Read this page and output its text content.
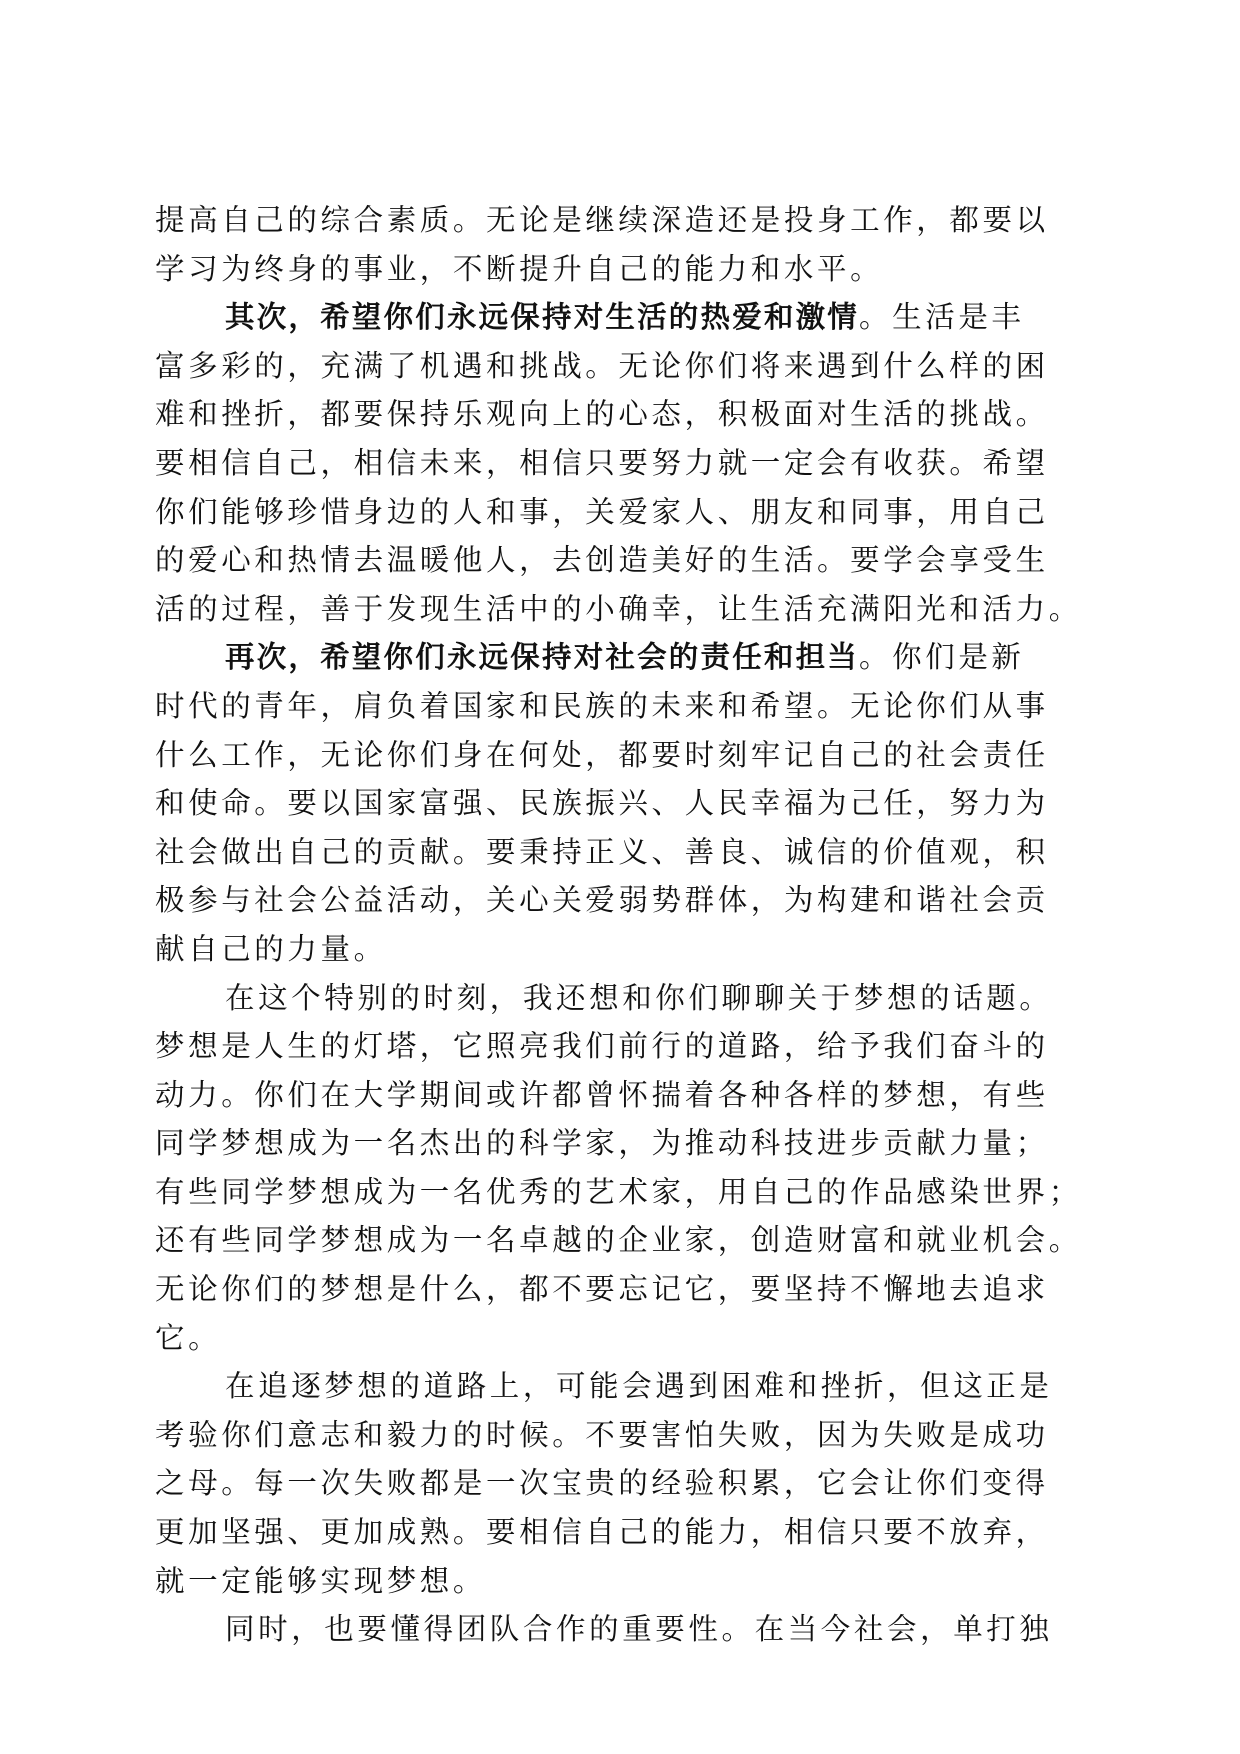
提高自己的综合素质。无论是继续深造还是投身工作，都要以
学习为终身的事业，不断提升自己的能力和水平。
其次，希望你们永远保持对生活的热爱和激情。生活是丰
富多彩的，充满了机遇和挑战。无论你们将来遇到什么样的困
难和挫折，都要保持乐观向上的心态，积极面对生活的挑战。
要相信自己，相信未来，相信只要努力就一定会有收获。希望
你们能够珍惜身边的人和事，关爱家人、朋友和同事，用自己
的爱心和热情去温暖他人，去创造美好的生活。要学会享受生
活的过程，善于发现生活中的小确幸，让生活充满阳光和活力。
再次，希望你们永远保持对社会的责任和担当。你们是新
时代的青年，肩负着国家和民族的未来和希望。无论你们从事
什么工作，无论你们身在何处，都要时刻牢记自己的社会责任
和使命。要以国家富强、民族振兴、人民幸福为己任，努力为
社会做出自己的贡献。要秉持正义、善良、诚信的价值观，积
极参与社会公益活动，关心关爱弱势群体，为构建和谐社会贡
献自己的力量。
在这个特别的时刻，我还想和你们聊聊关于梦想的话题。
梦想是人生的灯塔，它照亮我们前行的道路，给予我们奋斗的
动力。你们在大学期间或许都曾怀揣着各种各样的梦想，有些
同学梦想成为一名杰出的科学家，为推动科技进步贡献力量；
有些同学梦想成为一名优秀的艺术家，用自己的作品感染世界；
还有些同学梦想成为一名卓越的企业家，创造财富和就业机会。
无论你们的梦想是什么，都不要忘记它，要坚持不懈地去追求
它。
在追逐梦想的道路上，可能会遇到困难和挫折，但这正是
考验你们意志和毅力的时候。不要害怕失败，因为失败是成功
之母。每一次失败都是一次宝贵的经验积累，它会让你们变得
更加坚强、更加成熟。要相信自己的能力，相信只要不放弃，
就一定能够实现梦想。
同时，也要懂得团队合作的重要性。在当今社会，单打独
